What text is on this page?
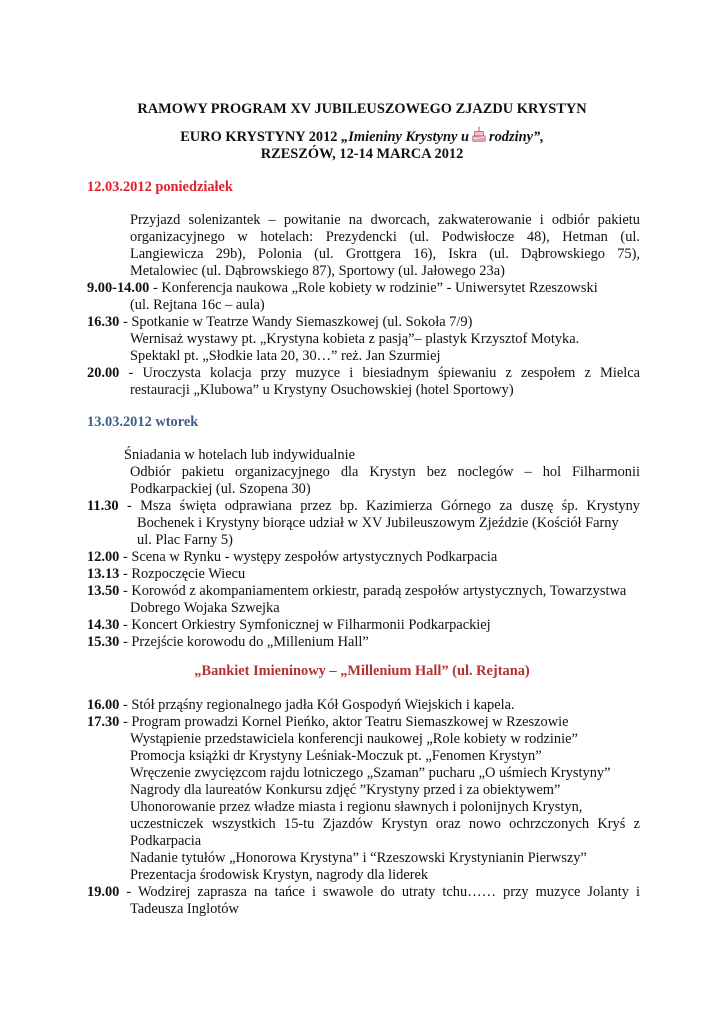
RAMOWY PROGRAM XV JUBILEUSZOWEGO ZJAZDU KRYSTYN
EURO KRYSTYNY 2012 „Imieniny Krystyny u rodziny”,
RZESZÓW, 12-14 MARCA 2012
12.03.2012 poniedziałek
Przyjazd solenizantek – powitanie na dworcach, zakwaterowanie i odbiór pakietu
organizacyjnego w hotelach: Prezydencki (ul. Podwisłocze 48), Hetman (ul.
Langiewicza 29b), Polonia (ul. Grottgera 16), Iskra (ul. Dąbrowskiego 75),
Metalowiec (ul. Dąbrowskiego 87), Sportowy (ul. Jałowego 23a)
9.00-14.00 - Konferencja naukowa „Role kobiety w rodzinie” - Uniwersytet Rzeszowski
(ul. Rejtana 16c – aula)
16.30 - Spotkanie w Teatrze Wandy Siemaszkowej (ul. Sokoła 7/9)
Wernisaż wystawy pt. „Krystyna kobieta z pasją”– plastyk Krzysztof Motyka.
Spektakl pt. „Słodkie lata 20, 30…” reż. Jan Szurmiej
20.00 - Uroczysta kolacja przy muzyce i biesiadnym śpiewaniu z zespołem z Mielca
restauracji „Klubowa” u Krystyny Osuchowskiej (hotel Sportowy)
13.03.2012 wtorek
Śniadania w hotelach lub indywidualnie
Odbiór pakietu organizacyjnego dla Krystyn bez noclegów – hol Filharmonii
Podkarpackiej (ul. Szopena 30)
11.30 - Msza święta odprawiana przez bp. Kazimierza Górnego za duszę śp. Krystyny
Bochenek i Krystyny biorące udział w XV Jubileuszowym Zjeździe (Kościół Farny
ul. Plac Farny 5)
12.00 - Scena w Rynku - występy zespołów artystycznych Podkarpacia
13.13 - Rozpoczęcie Wiecu
13.50 - Korowód z akompaniamentem orkiestr, paradą zespołów artystycznych, Towarzystwa
Dobrego Wojaka Szwejka
14.30 - Koncert Orkiestry Symfonicznej w Filharmonii Podkarpackiej
15.30 - Przejście korowodu do „Millenium Hall”
„Bankiet Imieninowy – „Millenium Hall” (ul. Rejtana)
16.00 - Stół prząśny regionalnego jadła Kół Gospodyń Wiejskich i kapela.
17.30 - Program prowadzi Kornel Pieńko, aktor Teatru Siemaszkowej w Rzeszowie
Wystąpienie przedstawiciela konferencji naukowej „Role kobiety w rodzinie”
Promocja książki dr Krystyny Leśniak-Moczuk pt. „Fenomen Krystyn”
Wręczenie zwycięzcom rajdu lotniczego „Szaman” pucharu „O uśmiech Krystyny”
Nagrody dla laureatów Konkursu zdjęć ”Krystyny przed i za obiektywem”
Uhonorowanie przez władze miasta i regionu sławnych i polonijnych Krystyn,
uczestniczek wszystkich 15-tu Zjazdów Krystyn oraz nowo ochrzczonych Kryś z
Podkarpacia
Nadanie tytułów „Honorowa Krystyna” i “Rzeszowski Krystynianin Pierwszy”
Prezentacja środowisk Krystyn, nagrody dla liderek
19.00 - Wodzirej zaprasza na tańce i swawole do utraty tchu…… przy muzyce Jolanty i
Tadeusza Inglotów
